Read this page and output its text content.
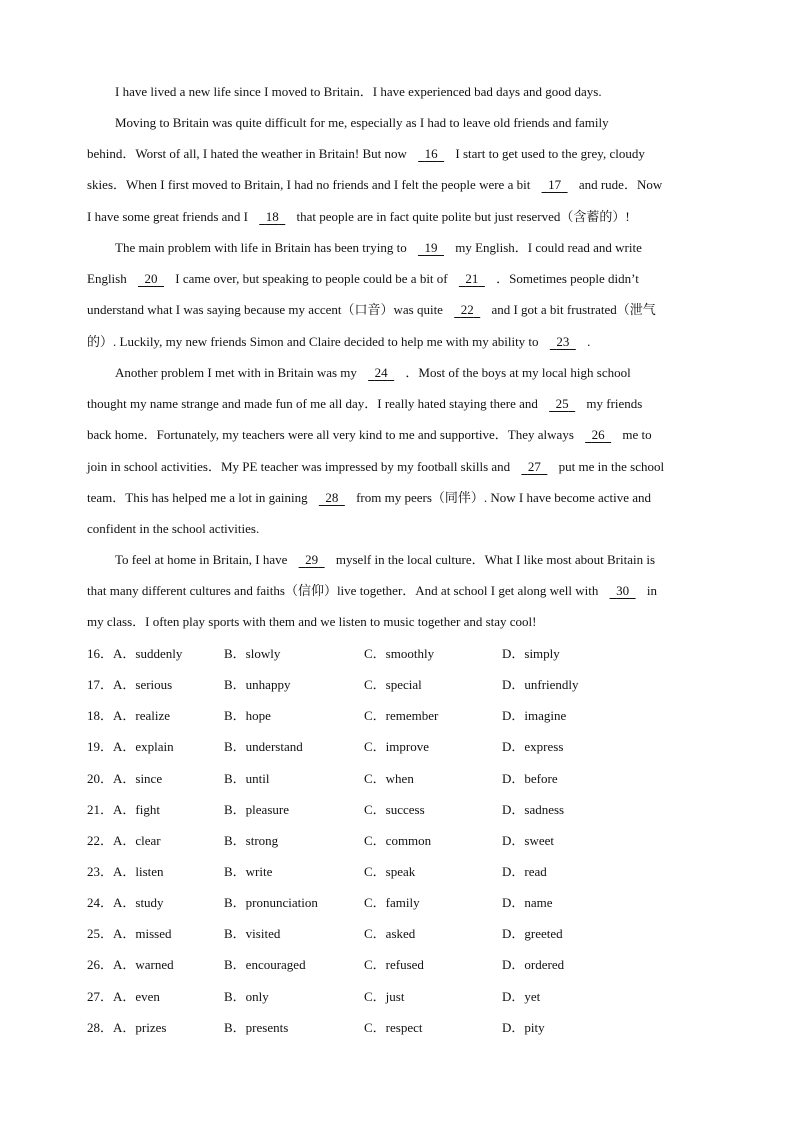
I have lived a new life since I moved to Britain．I have experienced bad days and good days.

Moving to Britain was quite difficult for me, especially as I had to leave old friends and family
behind．Worst of all, I hated the weather in Britain! But now 16 I start to get used to the grey, cloudy
skies．When I first moved to Britain, I had no friends and I felt the people were a bit 17 and rude．Now
I have some great friends and I 18 that people are in fact quite polite but just reserved（含蓄的）!

The main problem with life in Britain has been trying to 19 my English．I could read and write
English 20 I came over, but speaking to people could be a bit of 21 ．Sometimes people didn’t
understand what I was saying because my accent（口音）was quite 22 and I got a bit frustrated（泄气
的）. Luckily, my new friends Simon and Claire decided to help me with my ability to 23 .

Another problem I met with in Britain was my 24 ．Most of the boys at my local high school
thought my name strange and made fun of me all day．I really hated staying there and 25 my friends
back home．Fortunately, my teachers were all very kind to me and supportive．They always 26 me to
join in school activities．My PE teacher was impressed by my football skills and 27 put me in the school
team．This has helped me a lot in gaining 28 from my peers（同伴）. Now I have become active and
confident in the school activities.

To feel at home in Britain, I have 29 myself in the local culture．What I like most about Britain is
that many different cultures and faiths（信仰）live together．And at school I get along well with 30 in
my class．I often play sports with them and we listen to music together and stay cool!

16． A．suddenly	B．slowly	C．smoothly	D．simply
17． A．serious	B．unhappy	C．special	D．unfriendly
18． A．realize	B．hope	C．remember	D．imagine
19． A．explain	B．understand	C．improve	D．express
20． A．since	B．until	C．when	D．before
21． A．fight	B．pleasure	C．success	D．sadness
22． A．clear	B．strong	C．common	D．sweet
23． A．listen	B．write	C．speak	D．read
24． A．study	B．pronunciation	C．family	D．name
25． A．missed	B．visited	C．asked	D．greeted
26． A．warned	B．encouraged	C．refused	D．ordered
27． A．even	B．only	C．just	D．yet
28． A．prizes	B．presents	C．respect	D．pity
